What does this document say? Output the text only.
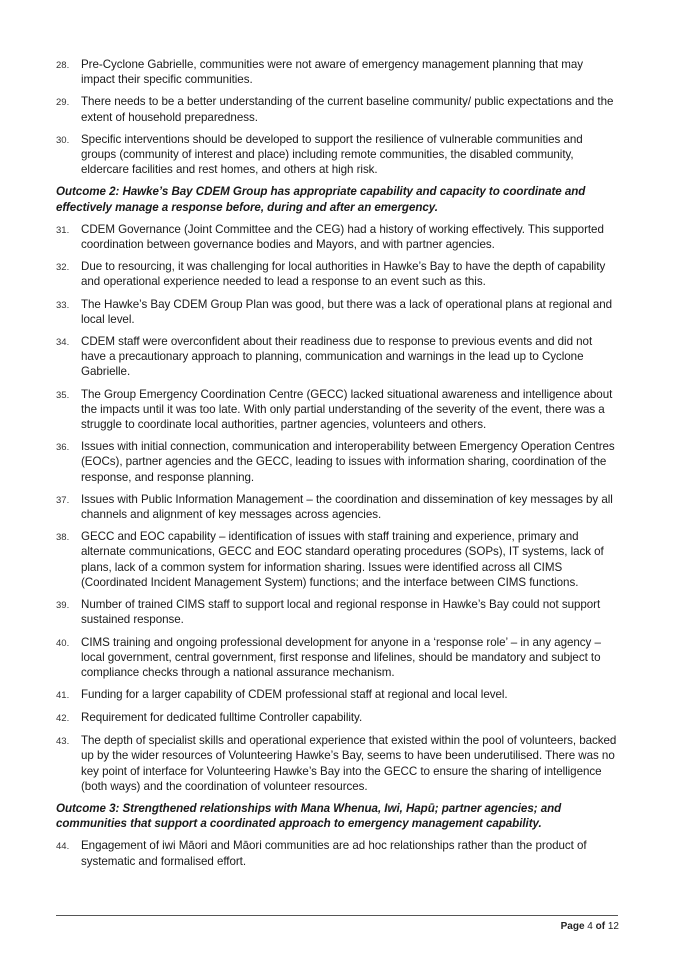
28.	Pre-Cyclone Gabrielle, communities were not aware of emergency management planning that may impact their specific communities.
29.	There needs to be a better understanding of the current baseline community/ public expectations and the extent of household preparedness.
30.	Specific interventions should be developed to support the resilience of vulnerable communities and groups (community of interest and place) including remote communities, the disabled community, eldercare facilities and rest homes, and others at high risk.
Outcome 2: Hawke’s Bay CDEM Group has appropriate capability and capacity to coordinate and effectively manage a response before, during and after an emergency.
31.	CDEM Governance (Joint Committee and the CEG) had a history of working effectively. This supported coordination between governance bodies and Mayors, and with partner agencies.
32.	Due to resourcing, it was challenging for local authorities in Hawke’s Bay to have the depth of capability and operational experience needed to lead a response to an event such as this.
33.	The Hawke’s Bay CDEM Group Plan was good, but there was a lack of operational plans at regional and local level.
34.	CDEM staff were overconfident about their readiness due to response to previous events and did not have a precautionary approach to planning, communication and warnings in the lead up to Cyclone Gabrielle.
35.	The Group Emergency Coordination Centre (GECC) lacked situational awareness and intelligence about the impacts until it was too late. With only partial understanding of the severity of the event, there was a struggle to coordinate local authorities, partner agencies, volunteers and others.
36.	Issues with initial connection, communication and interoperability between Emergency Operation Centres (EOCs), partner agencies and the GECC, leading to issues with information sharing, coordination of the response, and response planning.
37.	Issues with Public Information Management – the coordination and dissemination of key messages by all channels and alignment of key messages across agencies.
38.	GECC and EOC capability – identification of issues with staff training and experience, primary and alternate communications, GECC and EOC standard operating procedures (SOPs), IT systems, lack of plans, lack of a common system for information sharing. Issues were identified across all CIMS (Coordinated Incident Management System) functions; and the interface between CIMS functions.
39.	Number of trained CIMS staff to support local and regional response in Hawke’s Bay could not support sustained response.
40.	CIMS training and ongoing professional development for anyone in a ‘response role’ – in any agency – local government, central government, first response and lifelines, should be mandatory and subject to compliance checks through a national assurance mechanism.
41.	Funding for a larger capability of CDEM professional staff at regional and local level.
42.	Requirement for dedicated fulltime Controller capability.
43.	The depth of specialist skills and operational experience that existed within the pool of volunteers, backed up by the wider resources of Volunteering Hawke’s Bay, seems to have been underutilised. There was no key point of interface for Volunteering Hawke’s Bay into the GECC to ensure the sharing of intelligence (both ways) and the coordination of volunteer resources.
Outcome 3: Strengthened relationships with Mana Whenua, Iwi, Hapū; partner agencies; and communities that support a coordinated approach to emergency management capability.
44.	Engagement of iwi Māori and Māori communities are ad hoc relationships rather than the product of systematic and formalised effort.
Page 4 of 12
